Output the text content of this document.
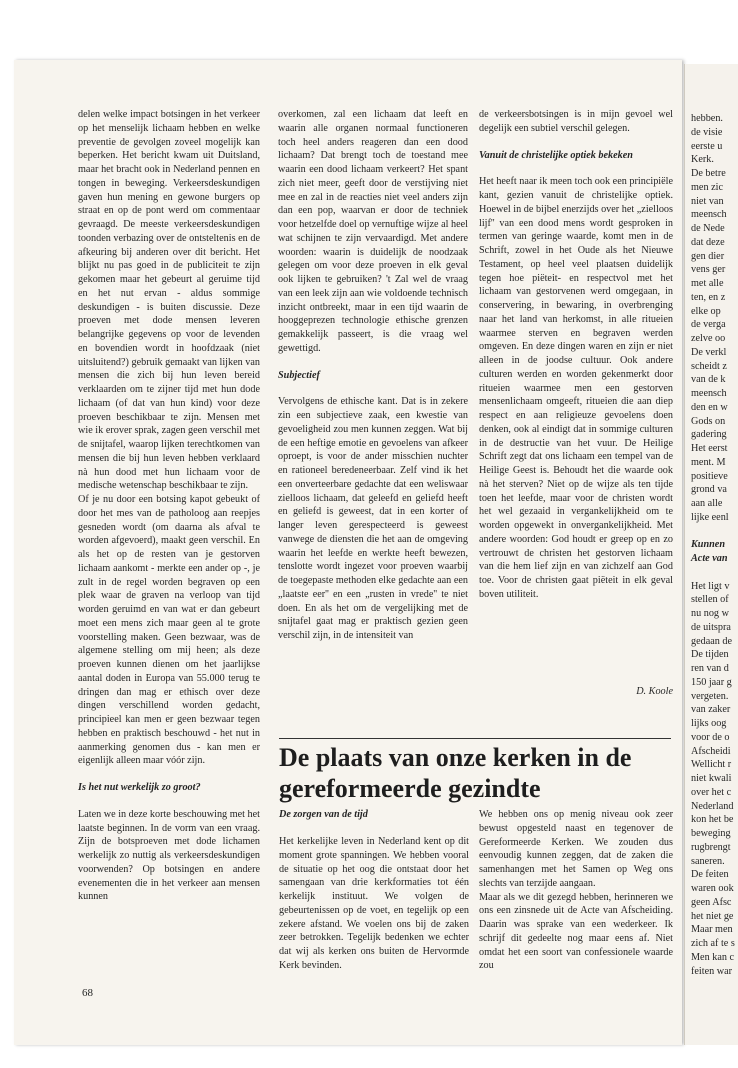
delen welke impact botsingen in het verkeer op het menselijk lichaam hebben en welke preventie de gevolgen zoveel mogelijk kan beperken. Het bericht kwam uit Duitsland, maar het bracht ook in Nederland pennen en tongen in beweging. Verkeersdeskundigen gaven hun mening en gewone burgers op straat en op de pont werd om commentaar gevraagd. De meeste verkeersdeskundigen toonden verbazing over de ontsteltenis en de afkeuring bij anderen over dit bericht. Het blijkt nu pas goed in de publiciteit te zijn gekomen maar het gebeurt al geruime tijd en het nut ervan - aldus sommige deskundigen - is buiten discussie. Deze proeven met dode mensen leveren belangrijke gegevens op voor de levenden en bovendien wordt in hoofdzaak (niet uitsluitend?) gebruik gemaakt van lijken van mensen die zich bij hun leven bereid verklaarden om te zijner tijd met hun dode lichaam (of dat van hun kind) voor deze proeven beschikbaar te zijn. Mensen met wie ik erover sprak, zagen geen verschil met de snijtafel, waarop lijken terechtkomen van mensen die bij hun leven hebben verklaard nà hun dood met hun lichaam voor de medische wetenschap beschikbaar te zijn.

Of je nu door een botsing kapot gebeukt of door het mes van de patholoog aan reepjes gesneden wordt (om daarna als afval te worden afgevoerd), maakt geen verschil. En als het op de resten van je gestorven lichaam aankomt - merkte een ander op -, je zult in de regel worden begraven op een plek waar de graven na verloop van tijd worden geruimd en van wat er dan gebeurt moet een mens zich maar geen al te grote voorstelling maken. Geen bezwaar, was de algemene stelling om mij heen; als deze proeven kunnen dienen om het jaarlijkse aantal doden in Europa van 55.000 terug te dringen dan mag er ethisch over deze dingen verschillend worden gedacht, principieel kan men er geen bezwaar tegen hebben en praktisch beschouwd - het nut in aanmerking genomen dus - kan men er eigenlijk alleen maar vóór zijn.

Is het nut werkelijk zo groot?

Laten we in deze korte beschouwing met het laatste beginnen. In de vorm van een vraag. Zijn de botsproeven met dode lichamen werkelijk zo nuttig als verkeersdeskundigen voorwenden? Op botsingen en andere evenementen die in het verkeer aan mensen kunnen

overkomen, zal een lichaam dat leeft en waarin alle organen normaal functioneren toch heel anders reageren dan een dood lichaam? Dat brengt toch de toestand mee waarin een dood lichaam verkeert? Het spant zich niet meer, geeft door de verstijving niet mee en zal in de reacties niet veel anders zijn dan een pop, waarvan er door de techniek voor hetzelfde doel op vernuftige wijze al heel wat schijnen te zijn vervaardigd. Met andere woorden: waarin is duidelijk de noodzaak gelegen om voor deze proeven in elk geval ook lijken te gebruiken? 't Zal wel de vraag van een leek zijn aan wie voldoende technisch inzicht ontbreekt, maar in een tijd waarin de hooggeprezen technologie ethische grenzen gemakkelijk passeert, is die vraag wel gewettigd.

Subjectief

Vervolgens de ethische kant. Dat is in zekere zin een subjectieve zaak, een kwestie van gevoeligheid zou men kunnen zeggen. Wat bij de een heftige emotie en gevoelens van afkeer oproept, is voor de ander misschien nuchter en rationeel beredeneerbaar. Zelf vind ik het een onverteerbare gedachte dat een weliswaar zielloos lichaam, dat geleefd en geliefd heeft en geliefd is geweest, dat in een korter of langer leven gerespecteerd is geweest vanwege de diensten die het aan de omgeving waarin het leefde en werkte heeft bewezen, tenslotte wordt ingezet voor proeven waarbij de toegepaste methoden elke gedachte aan een „laatste eer'' en een „rusten in vrede'' te niet doen. En als het om de vergelijking met de snijtafel gaat mag er praktisch gezien geen verschil zijn, in de intensiteit van

de verkeersbotsingen is in mijn gevoel wel degelijk een subtiel verschil gelegen.

Vanuit de christelijke optiek bekeken

Het heeft naar ik meen toch ook een principiële kant, gezien vanuit de christelijke optiek. Hoewel in de bijbel enerzijds over het „zielloos lijf'' van een dood mens wordt gesproken in termen van geringe waarde, komt men in de Schrift, zowel in het Oude als het Nieuwe Testament, op heel veel plaatsen duidelijk tegen hoe piëteit- en respectvol met het lichaam van gestorvenen werd omgegaan, in conservering, in bewaring, in overbrenging naar het land van herkomst, in alle ritueien waarmee sterven en begraven werden omgeven. En deze dingen waren en zijn er niet alleen in de joodse cultuur. Ook andere culturen werden en worden gekenmerkt door ritueien waarmee men een gestorven mensenlichaam omgeeft, ritueien die aan diep respect en aan religieuze gevoelens doen denken, ook al eindigt dat in sommige culturen in de destructie van het vuur. De Heilige Schrift zegt dat ons lichaam een tempel van de Heilige Geest is. Behoudt het die waarde ook nà het sterven? Niet op de wijze als ten tijde toen het leefde, maar voor de christen wordt het wel gezaaid in vergankelijkheid om te worden opgewekt in onvergankelijkheid. Met andere woorden: God houdt er greep op en zo vertrouwt de christen het gestorven lichaam van die hem lief zijn en van zichzelf aan God toe. Voor de christen gaat piëteit in elk geval boven utiliteit.

D. Koole

De plaats van onze kerken in de gereformeerde gezindte
De zorgen van de tijd

Het kerkelijke leven in Nederland kent op dit moment grote spanningen. We hebben vooral de situatie op het oog die ontstaat door het samengaan van drie kerkformaties tot één kerkelijk instituut. We volgen de gebeurtenissen op de voet, en tegelijk op een zekere afstand. We voelen ons bij de zaken zeer betrokken. Tegelijk bedenken we echter dat wij als kerken ons buiten de Hervormde Kerk bevinden.

We hebben ons op menig niveau ook zeer bewust opgesteld naast en tegenover de Gereformeerde Kerken. We zouden dus eenvoudig kunnen zeggen, dat de zaken die samenhangen met het Samen op Weg ons slechts van terzijde aangaan.

Maar als we dit gezegd hebben, herinneren we ons een zinsnede uit de Acte van Afscheiding. Daarin was sprake van een wederkeer. Ik schrijf dit gedeelte nog maar eens af. Niet omdat het een soort van confessionele waarde zou

68
hebben.
de visie
eerste u
Kerk.
De betre
men zic
niet van
meensch
de Nede
dat deze
gen dier
vens ger
met alle
ten, en z
elke op
de verga
zelve oo
De verkl
scheidt z
van de k
meensch
den en w
Gods on
gadering
Het eerst
ment. M
positieve
grond va
aan alle
lijke eenl
Kunnen
Acte van
Het ligt v
stellen of
nu nog w
de uitspra
gedaan de
De tijden
ren van d
150 jaar g
vergeten.
van zaker
lijks oog
voor de o
Afscheidi
Wellicht r
niet kwali
over het c
Nederland
kon het be
beweging
rugbrengt
saneren.
De feiten
waren ook
geen Afsc
het niet ge
Maar men
zich af te s
Men kan c
feiten war
